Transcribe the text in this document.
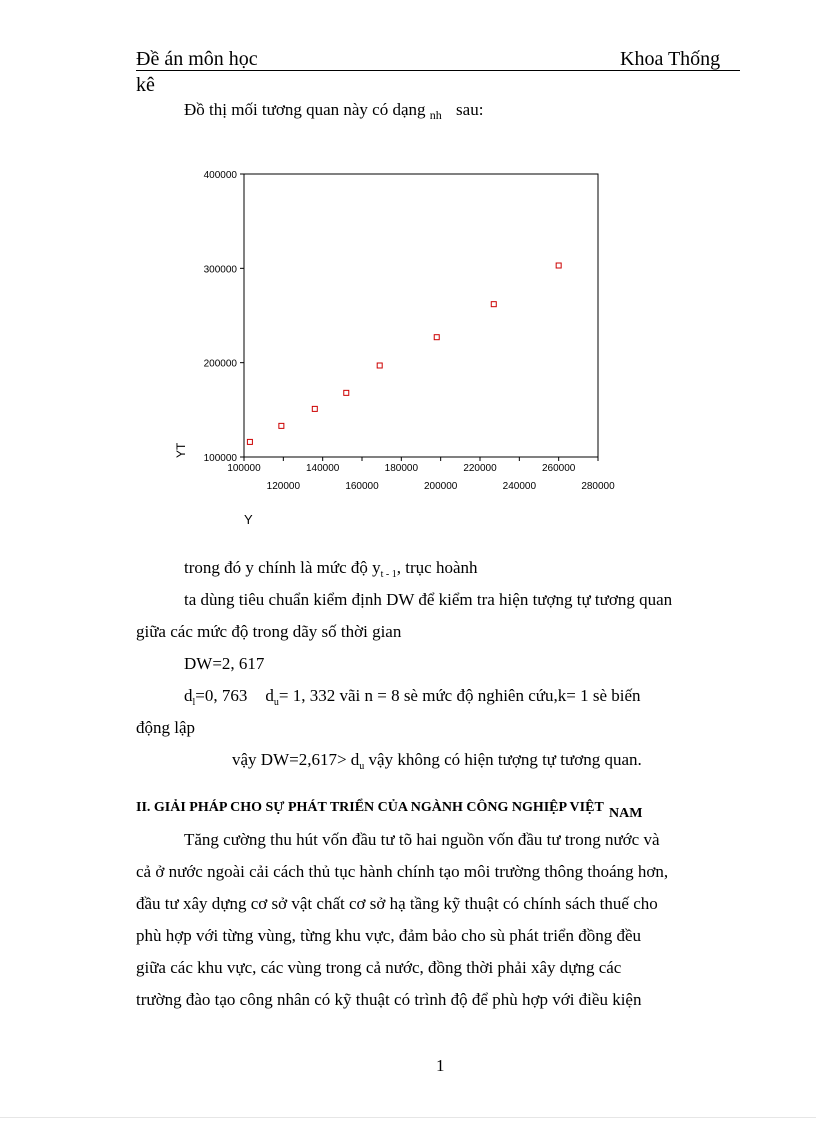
Đề án môn học	Khoa Thống
kê
Đồ thị mối tương quan này có dạng $_{nh}$ sau:
400000
300000
200000
100000
100000	140000	180000	220000	260000
120000	160000	200000	240000	280000
YT
Y
trong đó y chính là mức độ $y_{t - 1}$, trục hoành
ta dùng tiêu chuẩn kiểm định DW để kiểm tra hiện tượng tự tương quan
giữa các mức độ trong dãy số thời gian
DW=2, 617
$d_l=0$, 763 $d_u= 1$, 332 vãi n = 8 sè mức độ nghiên cứu,k= 1 sè biến
động lập
vậy $DW=2,617> d_u$ vậy không có hiện tượng tự tương quan.
II. GIẢI PHÁP CHO SỰ PHÁT TRIỂN CỦA NGÀNH CÔNG NGHIỆP VIỆT NAM
Tăng cường thu hút vốn đầu tư tõ hai nguồn vốn đầu tư trong nước và
cả ở nước ngoài cải cách thủ tục hành chính tạo môi trường thông thoáng hơn,
đầu tư xây dựng cơ sở vật chất cơ sở hạ tầng kỹ thuật có chính sách thuế cho
phù hợp với từng vùng, từng khu vực, đảm bảo cho sù phát triển đồng đều
giữa các khu vực, các vùng trong cả nước, đồng thời phải xây dựng các
trường đào tạo công nhân có kỹ thuật có trình độ để phù hợp với điều kiện
1
